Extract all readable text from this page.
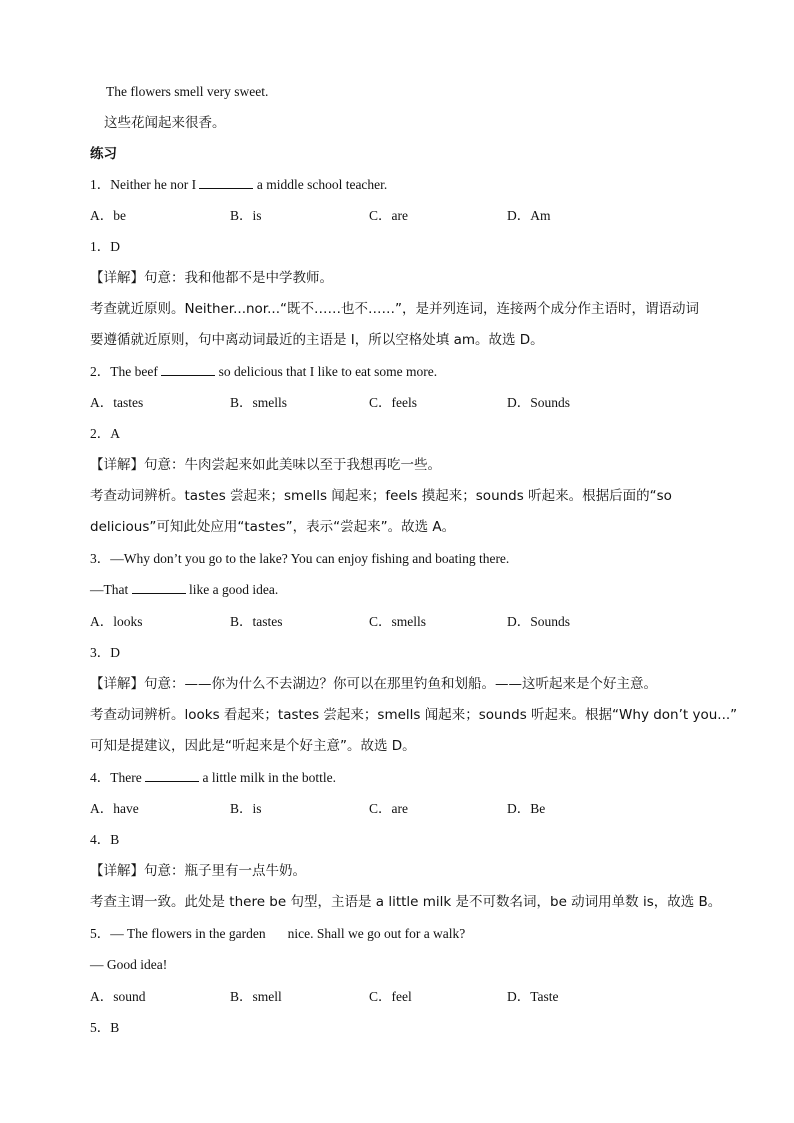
The flowers smell very sweet.
这些花闻起来很香。
练习
1．Neither he nor I	a middle school teacher.
A．be	B．is	C．are	D．Am
1．D
【详解】句意：我和他都不是中学教师。
考查就近原则。Neither...nor...“既不……也不……”，是并列连词，连接两个成分作主语时，谓语动词
要遵循就近原则，句中离动词最近的主语是 I，所以空格处填 am。故选 D。
2．The beef	so delicious that I like to eat some more.
A．tastes	B．smells	C．feels	D．Sounds
2．A
【详解】句意：牛肉尝起来如此美味以至于我想再吃一些。
考查动词辨析。tastes 尝起来；smells 闻起来；feels 摸起来；sounds 听起来。根据后面的“so
delicious”可知此处应用“tastes”，表示“尝起来”。故选 A。
3．—Why don’t you go to the lake? You can enjoy fishing and boating there.
—That	like a good idea.
A．looks	B．tastes	C．smells	D．Sounds
3．D
【详解】句意：——你为什么不去湖边？你可以在那里钓鱼和划船。——这听起来是个好主意。
考查动词辨析。looks 看起来；tastes 尝起来；smells 闻起来；sounds 听起来。根据“Why don’t you...”
可知是提建议，因此是“听起来是个好主意”。故选 D。
4．There	a little milk in the bottle.
A．have	B．is	C．are	D．Be
4．B
【详解】句意：瓶子里有一点牛奶。
考查主谓一致。此处是 there be 句型，主语是 a little milk 是不可数名词，be 动词用单数 is，故选 B。
5．— The flowers in the garden nice. Shall we go out for a walk?
— Good idea!
A．sound	B．smell	C．feel	D．Taste
5．B
